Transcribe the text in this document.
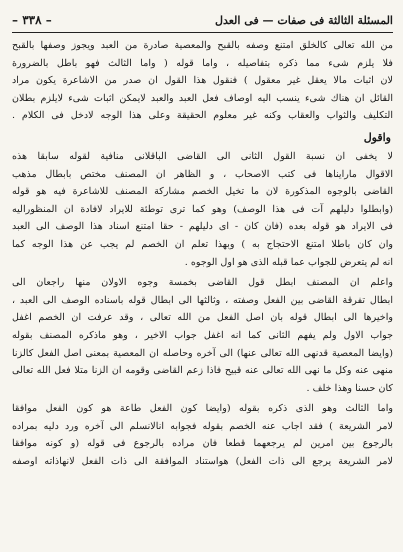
المسئلة الثالثة فى صفات — فى العدل
– ٣٣٨ –
من الله تعالى كالخلق امتنع وصفه بالقبح والمعصية صادرة من العبد ويجوز وصفها بالقبح
فلا يلزم شىء مما ذكره بتفاصيله ، واما قوله ( واما الثالث فهو باطل بالضرورة
لان اثبات مالا يعقل غير معقول ) فنقول هذا القول ان صدر من الاشاعرة يكون مراد
القائل ان هناك شىء ينسب اليه اوصاف فعل العبد والعبد لايمكن اثبات شىء لايلزم بطلان
التكليف والثواب والعقاب وكنه غير معلوم الحقيقة وعلى هذا الوجه لادخل فى الكلام .
واقول
لا يخفى ان نسبة القول الثانى الى القاضى الباقلانى منافية لقوله سابقا هذه
الاقوال مارايناها فى كتب الاصحاب ، و الظاهر ان المصنف مختص بابطال مذهب
القاضى بالوجوه المذكورة لان ما تخيل الخصم مشاركة المصنف للاشاعرة فيه هو قوله
(وابطلوا دليلهم آت فى هذا الوصف) وهو كما ترى توطئة للايراد لافادة ان المنظوراليه
فى الايراد هو قوله بعده (فان كان - اى دليلهم - حقا امتنع اسناد هذا الوصف الى العبد
وان كان باطلا امتنع الاحتجاج به ) وبهذا تعلم ان الخصم لم يجب عن هذا الوجه كما
انه لم يتعرض للجواب عما قبله الذى هو اول الوجوه .
واعلم ان المصنف ابطل قول القاضى بخمسة وجوه الاولان منها راجعان الى
ابطال تفرقة القاضى بين الفعل وصفته ، وثالثها الى ابطال قوله باسناده الوصف الى العبد ،
واخيرها الى ابطال قوله بان اصل الفعل من الله تعالى ، وقد عرفت ان الخصم اغفل
جواب الاول ولم يفهم الثانى كما انه اغفل جواب الاخير ، وهو ماذكره المصنف بقوله
(وايضا المعصية قدنهى الله تعالى عنها) الى آخره وحاصله ان المعصية بمعنى اصل الفعل كالزنا
منهى عنه وكل ما نهى الله تعالى عنه قبيح فاذا زعم القاضى وقومه ان الزنا متلا فعل الله تعالى
كان حسنا وهذا خلف .
واما الثالث وهو الذى ذكره بقوله (وايضا كون الفعل طاعة هو كون الفعل موافقا
لامر الشريعة ) فقد اجاب عنه الخصم بقوله فجوابه انالانسلم الى آخره ورد دليه بمراده
بالرجوع بين امرين لم يرجعهما قطعا فان مراده بالرجوع فى قوله (و كونه موافقا
لامر الشريعة يرجع الى ذات الفعل) هواستناد الموافقة الى ذات الفعل لانهاذاته اوصفه
